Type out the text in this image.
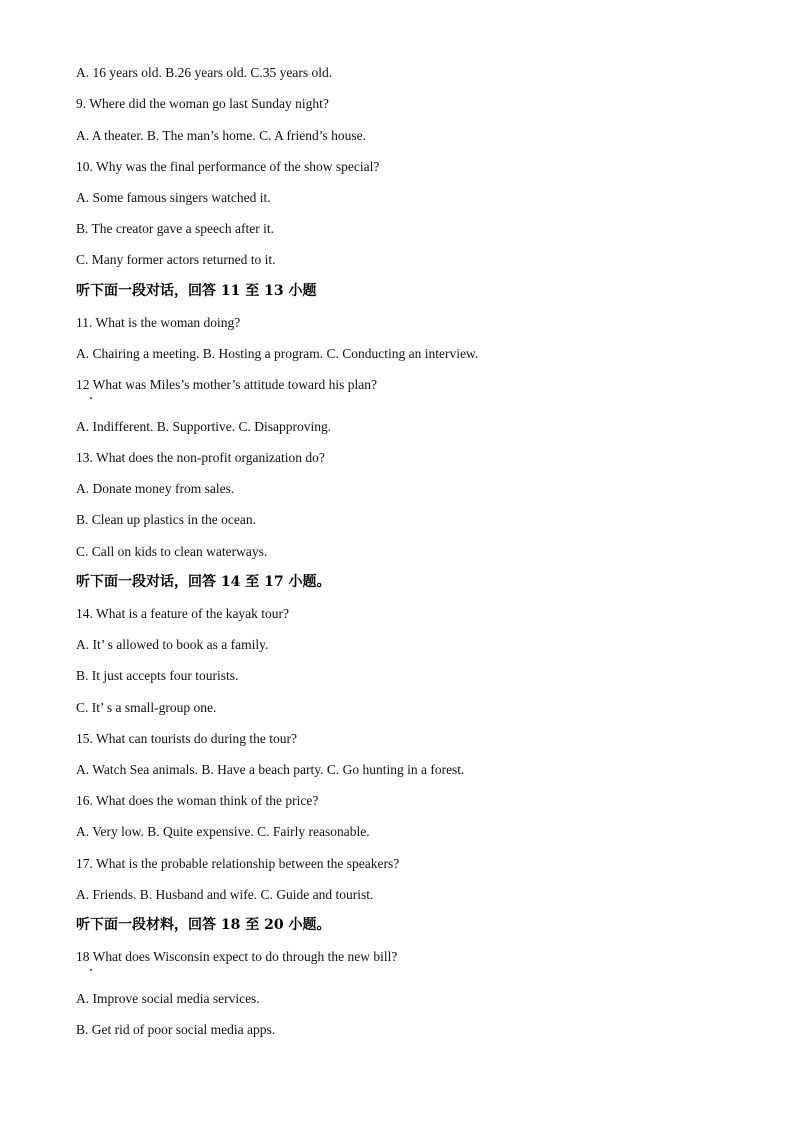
A. 16 years old. B.26 years old. C.35 years old.
9. Where did the woman go last Sunday night?
A. A theater. B. The man’s home. C. A friend’s house.
10. Why was the final performance of the show special?
A. Some famous singers watched it.
B. The creator gave a speech after it.
C. Many former actors returned to it.
听下面一段对话，回答 11 至 13 小题
11. What is the woman doing?
A. Chairing a meeting. B. Hosting a program. C. Conducting an interview.
12 What was Miles’s mother’s attitude toward his plan?
A. Indifferent. B. Supportive. C. Disapproving.
13. What does the non-profit organization do?
A. Donate money from sales.
B. Clean up plastics in the ocean.
C. Call on kids to clean waterways.
听下面一段对话，回答 14 至 17 小题。
14. What is a feature of the kayak tour?
A. It’ s allowed to book as a family.
B. It just accepts four tourists.
C. It’ s a small-group one.
15. What can tourists do during the tour?
A. Watch Sea animals. B. Have a beach party. C. Go hunting in a forest.
16. What does the woman think of the price?
A. Very low. B. Quite expensive. C. Fairly reasonable.
17. What is the probable relationship between the speakers?
A. Friends. B. Husband and wife. C. Guide and tourist.
听下面一段材料，回答 18 至 20 小题。
18 What does Wisconsin expect to do through the new bill?
A. Improve social media services.
B. Get rid of poor social media apps.
